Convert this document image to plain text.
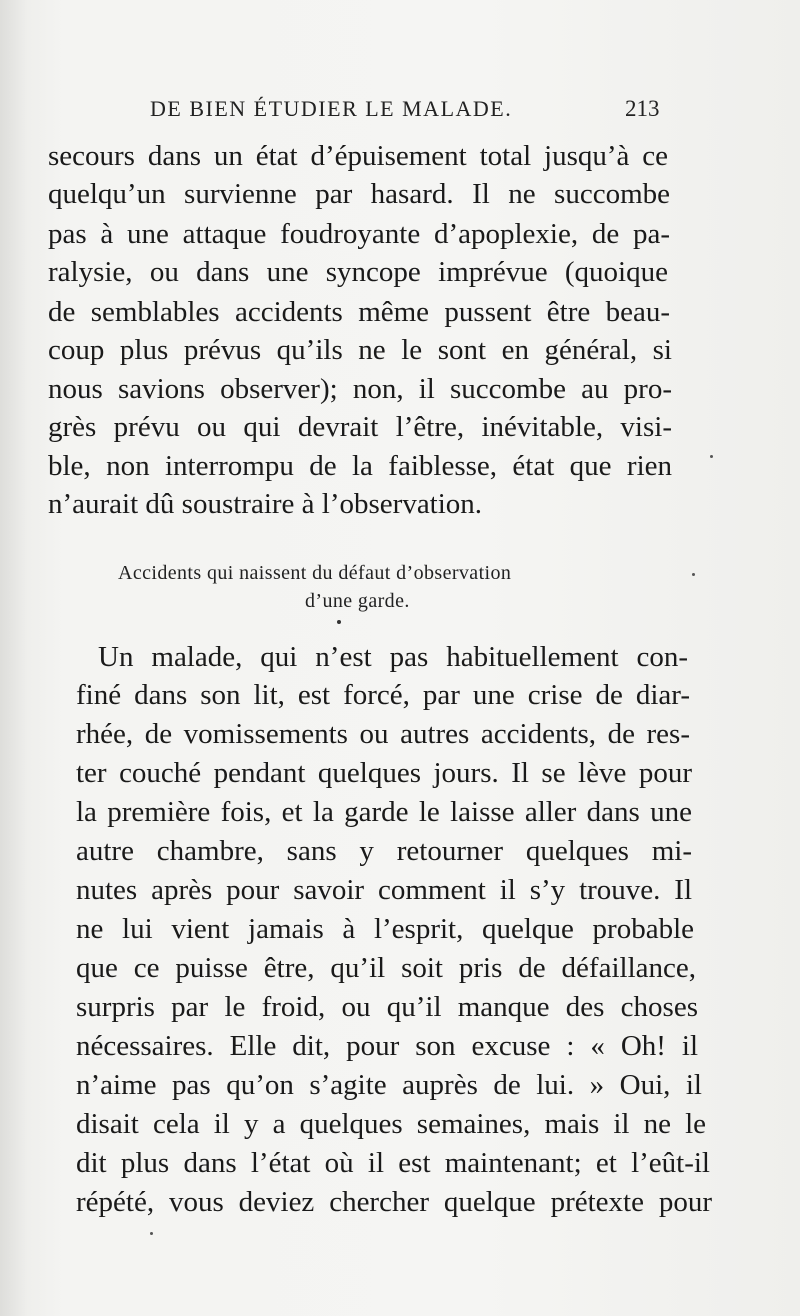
DE BIEN ÉTUDIER LE MALADE.	213
secours dans un état d’épuisement total jusqu’à ce
quelqu’un survienne par hasard. Il ne succombe
pas à une attaque foudroyante d’apoplexie, de pa-
ralysie, ou dans une syncope imprévue (quoique
de semblables accidents même pussent être beau-
coup plus prévus qu’ils ne le sont en général, si
nous savions observer); non, il succombe au pro-
grès prévu ou qui devrait l’être, inévitable, visi-
ble, non interrompu de la faiblesse, état que rien
n’aurait dû soustraire à l’observation.
Accidents qui naissent du défaut d’observation
d’une garde.
Un malade, qui n’est pas habituellement con-
finé dans son lit, est forcé, par une crise de diar-
rhée, de vomissements ou autres accidents, de res-
ter couché pendant quelques jours. Il se lève pour
la première fois, et la garde le laisse aller dans une
autre chambre, sans y retourner quelques mi-
nutes après pour savoir comment il s’y trouve. Il
ne lui vient jamais à l’esprit, quelque probable
que ce puisse être, qu’il soit pris de défaillance,
surpris par le froid, ou qu’il manque des choses
nécessaires. Elle dit, pour son excuse : « Oh! il
n’aime pas qu’on s’agite auprès de lui. » Oui, il
disait cela il y a quelques semaines, mais il ne le
dit plus dans l’état où il est maintenant; et l’eût-il
répété, vous deviez chercher quelque prétexte pour
